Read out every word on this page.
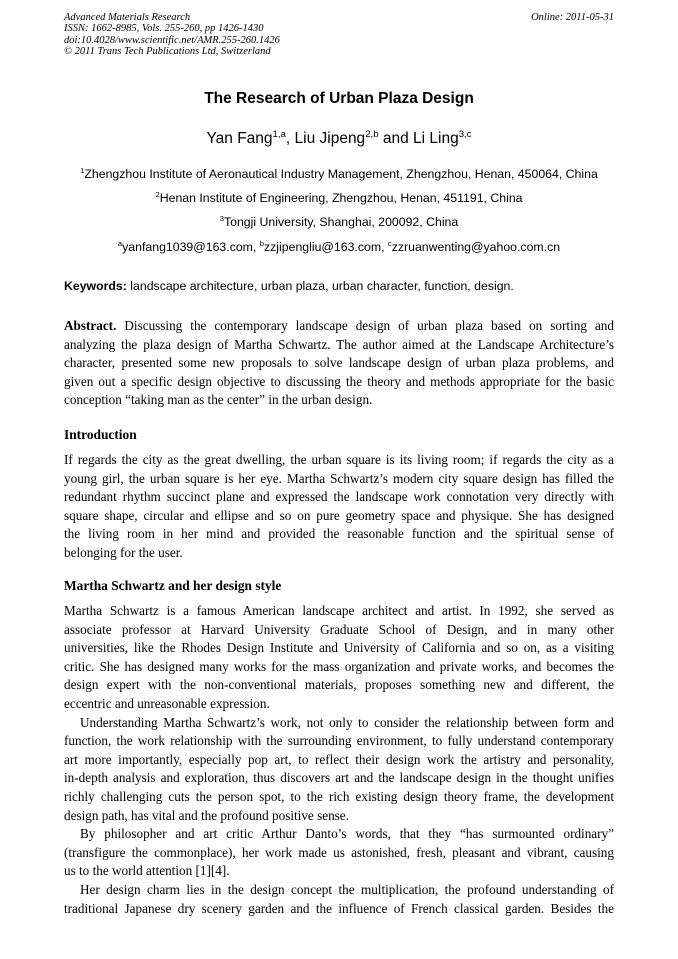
Advanced Materials Research
ISSN: 1662-8985, Vols. 255-260, pp 1426-1430
doi:10.4028/www.scientific.net/AMR.255-260.1426
© 2011 Trans Tech Publications Ltd, Switzerland
Online: 2011-05-31
The Research of Urban Plaza Design
Yan Fang$^{1,a}$, Liu Jipeng$^{2,b}$ and Li Ling$^{3,c}$
$^1$Zhengzhou Institute of Aeronautical Industry Management, Zhengzhou, Henan, 450064, China
$^2$Henan Institute of Engineering, Zhengzhou, Henan, 451191, China
$^3$Tongji University, Shanghai, 200092, China
$^a$yanfang1039@163.com, $^b$zzjipengliu@163.com, $^c$zzruanwenting@yahoo.com.cn
Keywords: landscape architecture, urban plaza, urban character, function, design.
Abstract. Discussing the contemporary landscape design of urban plaza based on sorting and
analyzing the plaza design of Martha Schwartz. The author aimed at the Landscape Architecture’s
character, presented some new proposals to solve landscape design of urban plaza problems, and
given out a specific design objective to discussing the theory and methods appropriate for the basic
conception “taking man as the center” in the urban design.
Introduction
If regards the city as the great dwelling, the urban square is its living room; if regards the city as a
young girl, the urban square is her eye. Martha Schwartz’s modern city square design has filled the
redundant rhythm succinct plane and expressed the landscape work connotation very directly with
square shape, circular and ellipse and so on pure geometry space and physique. She has designed
the living room in her mind and provided the reasonable function and the spiritual sense of
belonging for the user.
Martha Schwartz and her design style
Martha Schwartz is a famous American landscape architect and artist. In 1992, she served as
associate professor at Harvard University Graduate School of Design, and in many other
universities, like the Rhodes Design Institute and University of California and so on, as a visiting
critic. She has designed many works for the mass organization and private works, and becomes the
design expert with the non-conventional materials, proposes something new and different, the
eccentric and unreasonable expression.
Understanding Martha Schwartz’s work, not only to consider the relationship between form and
function, the work relationship with the surrounding environment, to fully understand contemporary
art more importantly, especially pop art, to reflect their design work the artistry and personality,
in-depth analysis and exploration, thus discovers art and the landscape design in the thought unifies
richly challenging cuts the person spot, to the rich existing design theory frame, the development
design path, has vital and the profound positive sense.
By philosopher and art critic Arthur Danto’s words, that they “has surmounted ordinary”
(transfigure the commonplace), her work made us astonished, fresh, pleasant and vibrant, causing
us to the world attention [1][4].
Her design charm lies in the design concept the multiplication, the profound understanding of
traditional Japanese dry scenery garden and the influence of French classical garden. Besides the
